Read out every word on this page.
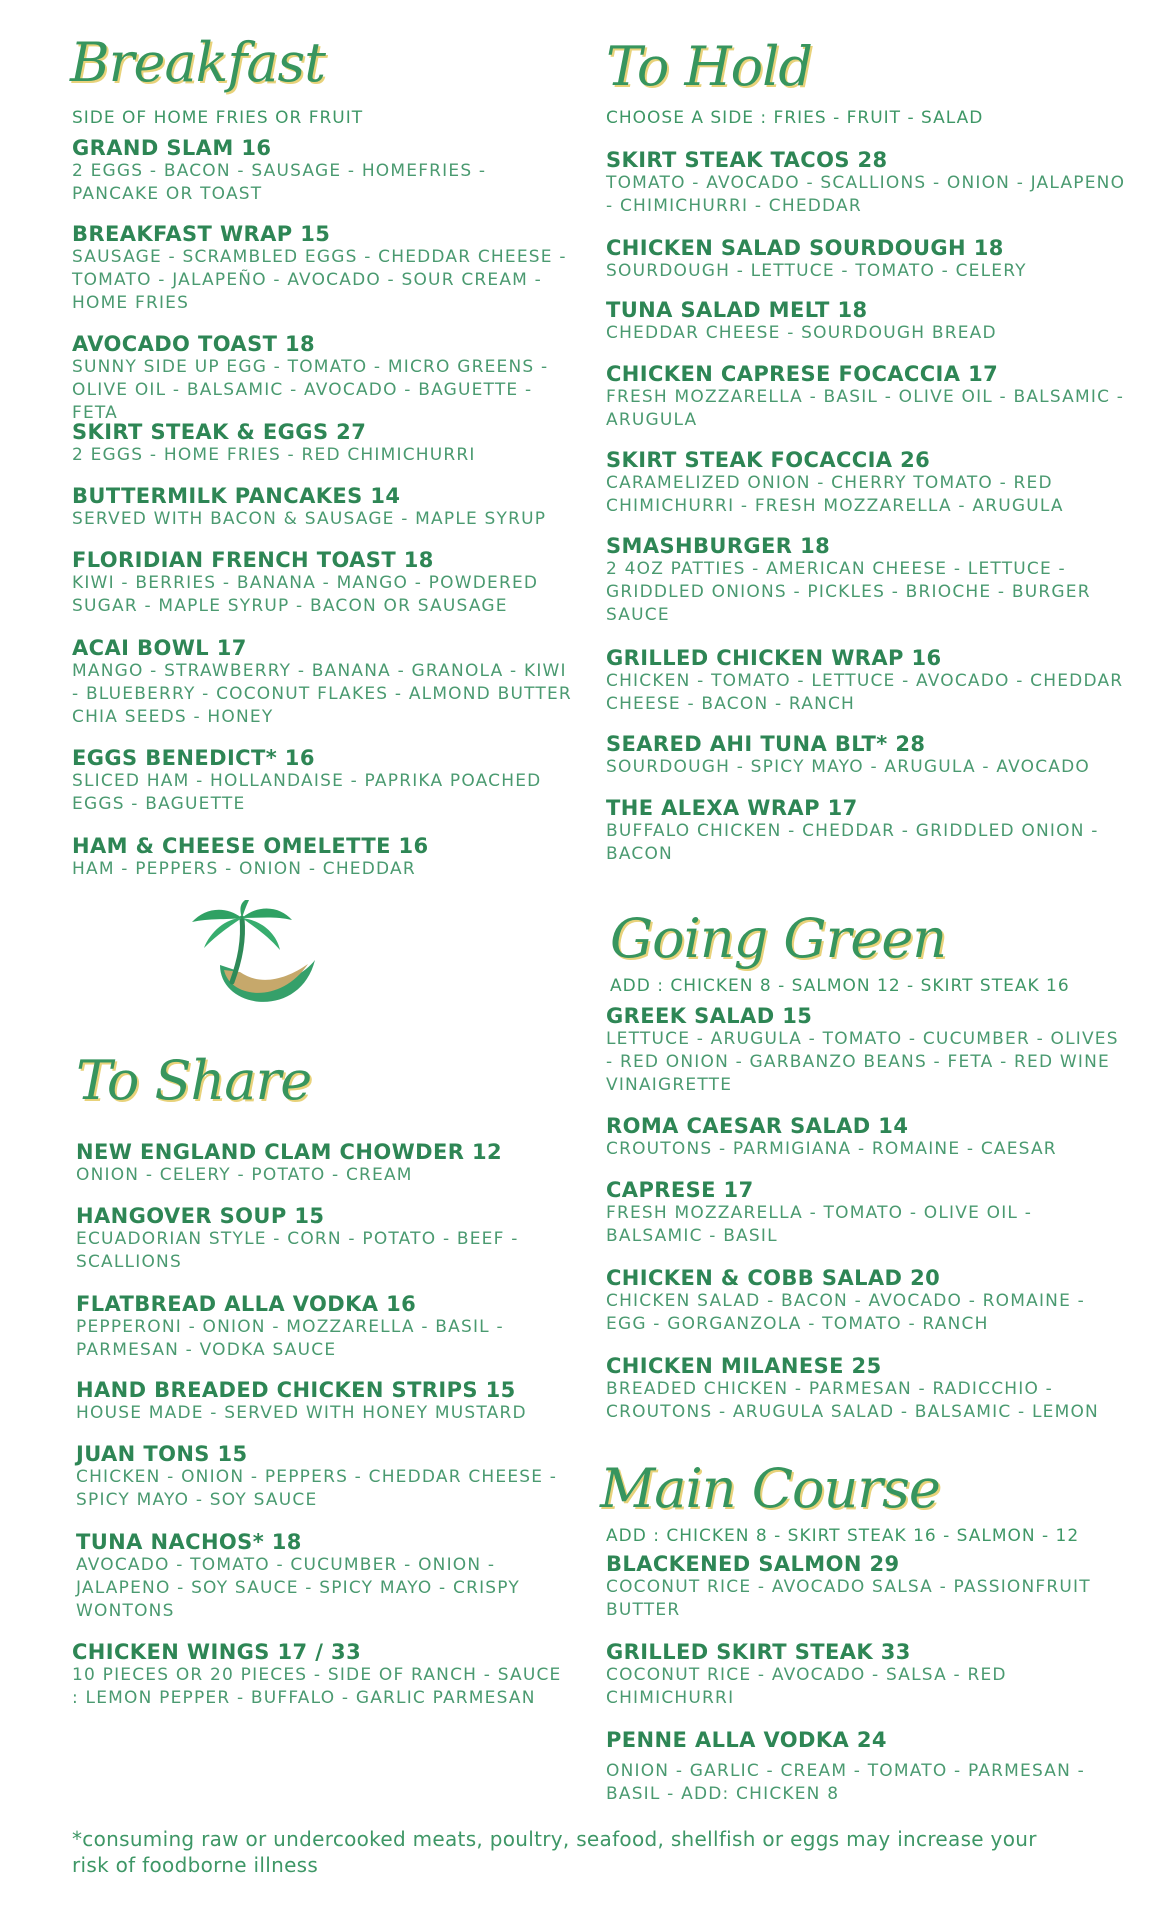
Breakfast
SIDE OF HOME FRIES OR FRUIT
GRAND SLAM 16
2 EGGS - BACON - SAUSAGE - HOMEFRIES - PANCAKE OR TOAST
BREAKFAST WRAP 15
SAUSAGE - SCRAMBLED EGGS - CHEDDAR CHEESE - TOMATO - JALAPEÑO - AVOCADO - SOUR CREAM - HOME FRIES
AVOCADO TOAST 18
SUNNY SIDE UP EGG - TOMATO - MICRO GREENS - OLIVE OIL - BALSAMIC - AVOCADO - BAGUETTE - FETA
SKIRT STEAK & EGGS 27
2 EGGS - HOME FRIES - RED CHIMICHURRI
BUTTERMILK PANCAKES 14
SERVED WITH BACON & SAUSAGE - MAPLE SYRUP
FLORIDIAN FRENCH TOAST 18
KIWI - BERRIES - BANANA - MANGO - POWDERED SUGAR - MAPLE SYRUP - BACON OR SAUSAGE
ACAI BOWL 17
MANGO - STRAWBERRY - BANANA - GRANOLA - KIWI - BLUEBERRY - COCONUT FLAKES - ALMOND BUTTER CHIA SEEDS - HONEY
EGGS BENEDICT* 16
SLICED HAM - HOLLANDAISE - PAPRIKA POACHED EGGS - BAGUETTE
HAM & CHEESE OMELETTE 16
HAM - PEPPERS - ONION - CHEDDAR
To Share
NEW ENGLAND CLAM CHOWDER 12
ONION - CELERY - POTATO - CREAM
HANGOVER SOUP 15
ECUADORIAN STYLE - CORN - POTATO - BEEF - SCALLIONS
FLATBREAD ALLA VODKA 16
PEPPERONI - ONION - MOZZARELLA - BASIL - PARMESAN - VODKA SAUCE
HAND BREADED CHICKEN STRIPS 15
HOUSE MADE - SERVED WITH HONEY MUSTARD
JUAN TONS 15
CHICKEN - ONION - PEPPERS - CHEDDAR CHEESE - SPICY MAYO - SOY SAUCE
TUNA NACHOS* 18
AVOCADO - TOMATO - CUCUMBER - ONION - JALAPENO - SOY SAUCE - SPICY MAYO - CRISPY WONTONS
CHICKEN WINGS 17 / 33
10 PIECES OR 20 PIECES - SIDE OF RANCH - SAUCE : LEMON PEPPER - BUFFALO - GARLIC PARMESAN
To Hold
CHOOSE A SIDE : FRIES - FRUIT - SALAD
SKIRT STEAK TACOS 28
TOMATO - AVOCADO - SCALLIONS - ONION - JALAPENO - CHIMICHURRI - CHEDDAR
CHICKEN SALAD SOURDOUGH 18
SOURDOUGH - LETTUCE - TOMATO - CELERY
TUNA SALAD MELT 18
CHEDDAR CHEESE - SOURDOUGH BREAD
CHICKEN CAPRESE FOCACCIA 17
FRESH MOZZARELLA - BASIL - OLIVE OIL - BALSAMIC - ARUGULA
SKIRT STEAK FOCACCIA 26
CARAMELIZED ONION - CHERRY TOMATO - RED CHIMICHURRI - FRESH MOZZARELLA - ARUGULA
SMASHBURGER 18
2 4OZ PATTIES - AMERICAN CHEESE - LETTUCE - GRIDDLED ONIONS - PICKLES - BRIOCHE - BURGER SAUCE
GRILLED CHICKEN WRAP 16
CHICKEN - TOMATO - LETTUCE - AVOCADO - CHEDDAR CHEESE - BACON - RANCH
SEARED AHI TUNA BLT* 28
SOURDOUGH - SPICY MAYO - ARUGULA - AVOCADO
THE ALEXA WRAP 17
BUFFALO CHICKEN - CHEDDAR - GRIDDLED ONION - BACON
Going Green
ADD : CHICKEN 8 - SALMON 12 - SKIRT STEAK 16
GREEK SALAD 15
LETTUCE - ARUGULA - TOMATO - CUCUMBER - OLIVES - RED ONION - GARBANZO BEANS - FETA - RED WINE VINAIGRETTE
ROMA CAESAR SALAD 14
CROUTONS - PARMIGIANA - ROMAINE - CAESAR
CAPRESE 17
FRESH MOZZARELLA - TOMATO - OLIVE OIL - BALSAMIC - BASIL
CHICKEN & COBB SALAD 20
CHICKEN SALAD - BACON - AVOCADO - ROMAINE - EGG - GORGANZOLA - TOMATO - RANCH
CHICKEN MILANESE 25
BREADED CHICKEN - PARMESAN - RADICCHIO - CROUTONS - ARUGULA SALAD - BALSAMIC - LEMON
Main Course
ADD : CHICKEN 8 - SKIRT STEAK 16 - SALMON - 12
BLACKENED SALMON 29
COCONUT RICE - AVOCADO SALSA - PASSIONFRUIT BUTTER
GRILLED SKIRT STEAK 33
COCONUT RICE - AVOCADO - SALSA - RED CHIMICHURRI
PENNE ALLA VODKA 24
ONION - GARLIC - CREAM - TOMATO - PARMESAN - BASIL - ADD: CHICKEN 8
*consuming raw or undercooked meats, poultry, seafood, shellfish or eggs may increase your risk of foodborne illness
